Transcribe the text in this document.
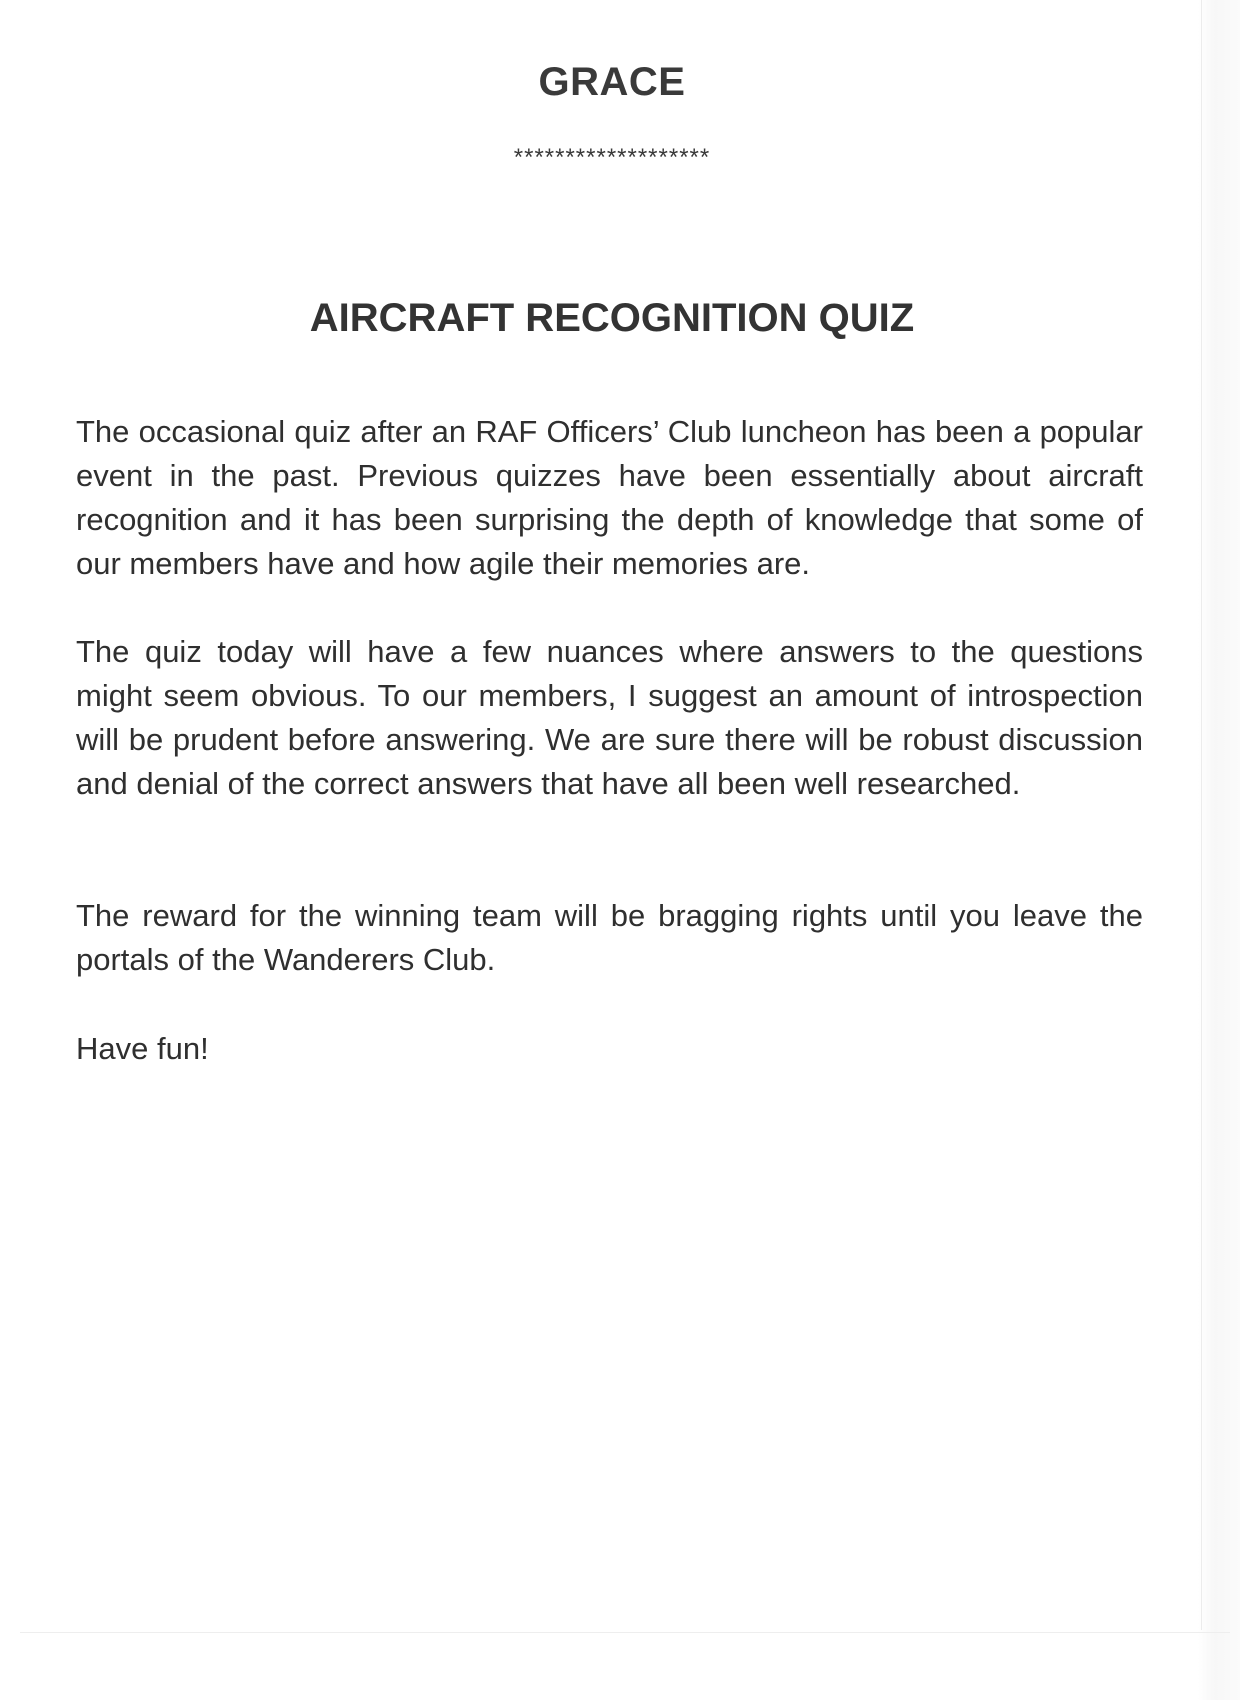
GRACE
*******************
AIRCRAFT RECOGNITION QUIZ

The occasional quiz after an RAF Officers’ Club luncheon has been a popular event in the past. Previous quizzes have been essentially about aircraft recognition and it has been surprising the depth of knowledge that some of our members have and how agile their memories are.

The quiz today will have a few nuances where answers to the questions might seem obvious. To our members, I suggest an amount of introspection will be prudent before answering. We are sure there will be robust discussion and denial of the correct answers that have all been well researched.

The reward for the winning team will be bragging rights until you leave the portals of the Wanderers Club.

Have fun!
